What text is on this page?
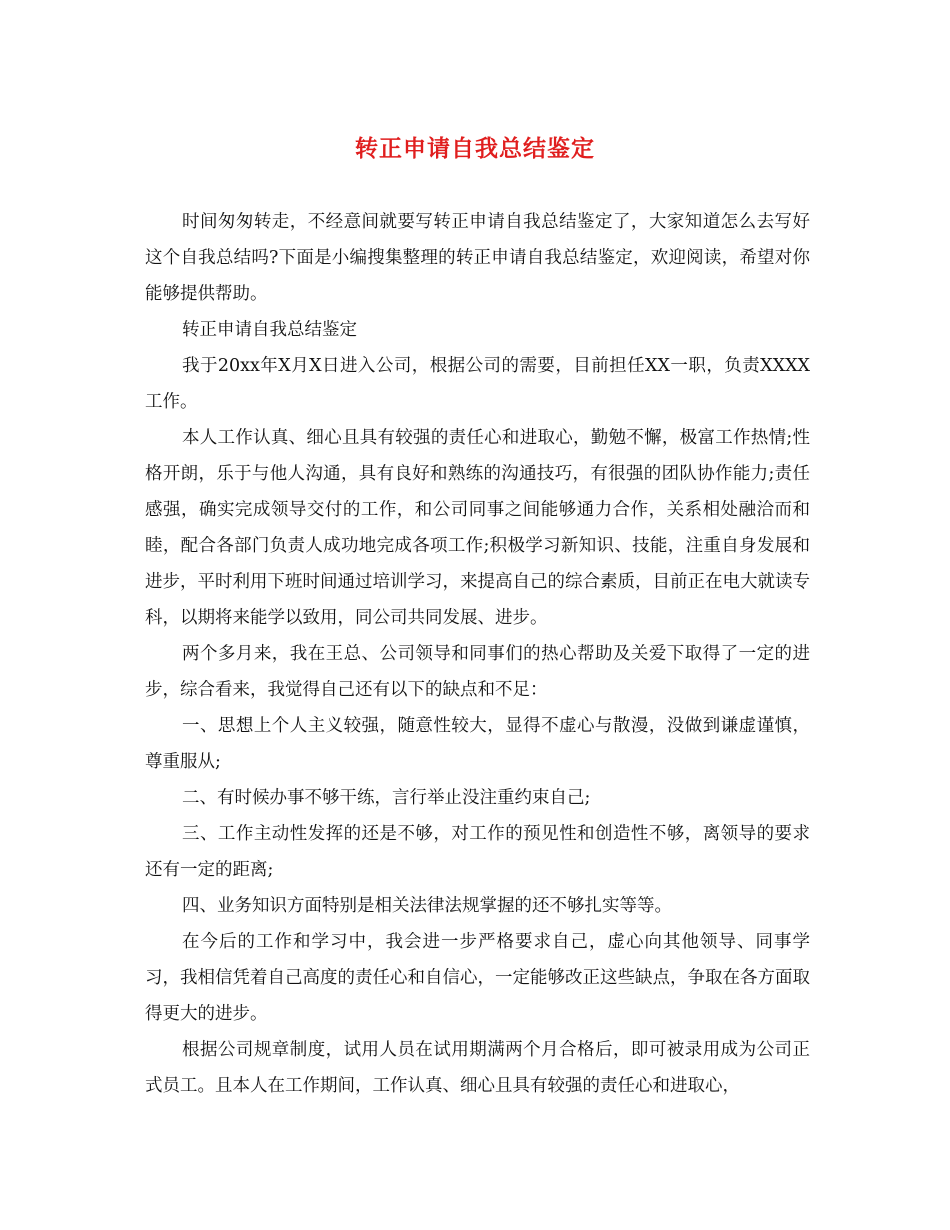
转正申请自我总结鉴定

时间匆匆转走，不经意间就要写转正申请自我总结鉴定了，大家知道怎么去写好这个自我总结吗?下面是小编搜集整理的转正申请自我总结鉴定，欢迎阅读，希望对你能够提供帮助。

转正申请自我总结鉴定

我于20xx年X月X日进入公司，根据公司的需要，目前担任XX一职，负责XXXX工作。

本人工作认真、细心且具有较强的责任心和进取心，勤勉不懈，极富工作热情;性格开朗，乐于与他人沟通，具有良好和熟练的沟通技巧，有很强的团队协作能力;责任感强，确实完成领导交付的工作，和公司同事之间能够通力合作，关系相处融洽而和睦，配合各部门负责人成功地完成各项工作;积极学习新知识、技能，注重自身发展和进步，平时利用下班时间通过培训学习，来提高自己的综合素质，目前正在电大就读专科，以期将来能学以致用，同公司共同发展、进步。

两个多月来，我在王总、公司领导和同事们的热心帮助及关爱下取得了一定的进步，综合看来，我觉得自己还有以下的缺点和不足：

一、思想上个人主义较强，随意性较大，显得不虚心与散漫，没做到谦虚谨慎，尊重服从;

二、有时候办事不够干练，言行举止没注重约束自己;

三、工作主动性发挥的还是不够，对工作的预见性和创造性不够，离领导的要求还有一定的距离;

四、业务知识方面特别是相关法律法规掌握的还不够扎实等等。

在今后的工作和学习中，我会进一步严格要求自己，虚心向其他领导、同事学习，我相信凭着自己高度的责任心和自信心，一定能够改正这些缺点，争取在各方面取得更大的进步。

根据公司规章制度，试用人员在试用期满两个月合格后，即可被录用成为公司正式员工。且本人在工作期间，工作认真、细心且具有较强的责任心和进取心，
